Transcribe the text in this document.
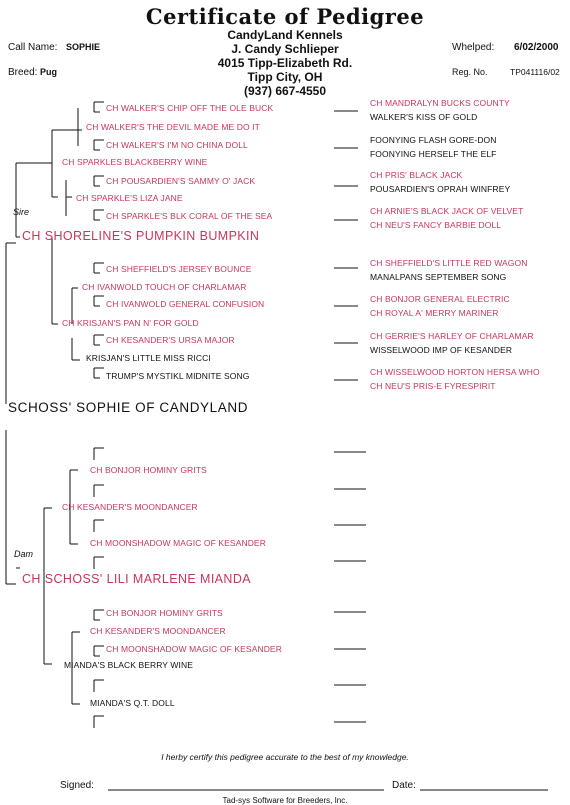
Certificate of Pedigree
CandyLand Kennels
J. Candy Schlieper
4015 Tipp-Elizabeth Rd.
Tipp City, OH
(937) 667-4550
Call Name: SOPHIE
Breed: Pug
Whelped: 6/02/2000
Reg. No.	TP041116/02
CH WALKER'S CHIP OFF THE OLE BUCK
CH WALKER'S THE DEVIL MADE ME DO IT
CH WALKER'S I'M NO CHINA DOLL
CH SPARKLES BLACKBERRY WINE
CH POUSARDIEN'S SAMMY O' JACK
CH SPARKLE'S LIZA JANE
CH SPARKLE'S BLK CORAL OF THE SEA
Sire
CH SHORELINE'S PUMPKIN BUMPKIN
CH SHEFFIELD'S JERSEY BOUNCE
CH IVANWOLD TOUCH OF CHARLAMAR
CH IVANWOLD GENERAL CONFUSION
CH KRISJAN'S PAN N' FOR GOLD
CH KESANDER'S URSA MAJOR
KRISJAN'S LITTLE MISS RICCI
TRUMP'S MYSTIKL MIDNITE SONG
CH MANDRALYN BUCKS COUNTY
WALKER'S KISS OF GOLD
FOONYING FLASH GORE-DON
FOONYING HERSELF THE ELF
CH PRIS' BLACK JACK
POUSARDIEN'S OPRAH WINFREY
CH ARNIE'S BLACK JACK OF VELVET
CH NEU'S FANCY BARBIE DOLL
CH SHEFFIELD'S LITTLE RED WAGON
MANALPANS SEPTEMBER SONG
CH BONJOR GENERAL ELECTRIC
CH ROYAL A' MERRY MARINER
CH GERRIE'S HARLEY OF CHARLAMAR
WISSELWOOD IMP OF KESANDER
CH WISSELWOOD HORTON HERSA WHO
CH NEU'S PRIS-E FYRESPIRIT
SCHOSS' SOPHIE OF CANDYLAND
CH BONJOR HOMINY GRITS
CH KESANDER'S MOONDANCER
CH MOONSHADOW MAGIC OF KESANDER
Dam
CH SCHOSS' LILI MARLENE MIANDA
CH BONJOR HOMINY GRITS
CH KESANDER'S MOONDANCER
CH MOONSHADOW MAGIC OF KESANDER
MIANDA'S BLACK BERRY WINE
MIANDA'S Q.T. DOLL
I herby certify this pedigree accurate to the best of my knowledge.
Signed:	Date:
Tad-sys Software for Breeders, Inc.
